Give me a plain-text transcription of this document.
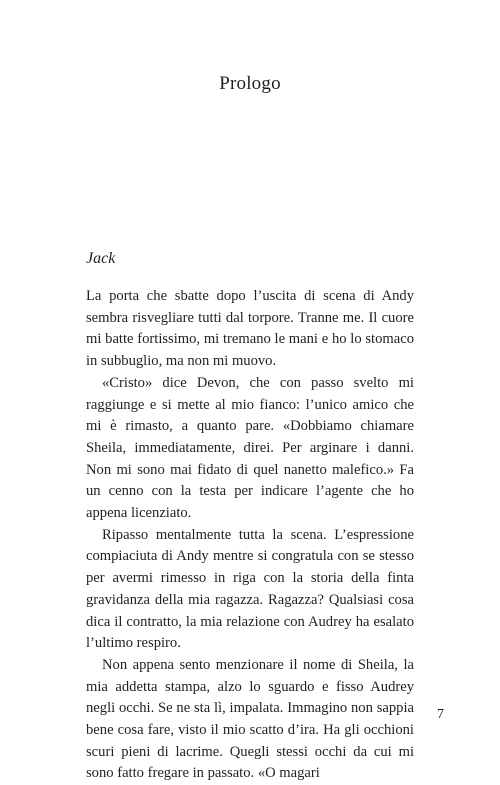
Prologo
Jack

La porta che sbatte dopo l’uscita di scena di Andy sembra risvegliare tutti dal torpore. Tranne me. Il cuore mi batte fortissimo, mi tremano le mani e ho lo stomaco in subbuglio, ma non mi muovo.

«Cristo» dice Devon, che con passo svelto mi raggiunge e si mette al mio fianco: l’unico amico che mi è rimasto, a quanto pare. «Dobbiamo chiamare Sheila, immediatamente, direi. Per arginare i danni. Non mi sono mai fidato di quel nanetto malefico.» Fa un cenno con la testa per indicare l’agente che ho appena licenziato.

Ripasso mentalmente tutta la scena. L’espressione compiaciuta di Andy mentre si congratula con se stesso per avermi rimesso in riga con la storia della finta gravidanza della mia ragazza. Ragazza? Qualsiasi cosa dica il contratto, la mia relazione con Audrey ha esalato l’ultimo respiro.

Non appena sento menzionare il nome di Sheila, la mia addetta stampa, alzo lo sguardo e fisso Audrey negli occhi. Se ne sta lì, impalata. Immagino non sappia bene cosa fare, visto il mio scatto d’ira. Ha gli occhioni scuri pieni di lacrime. Quegli stessi occhi da cui mi sono fatto fregare in passato. «O magari

7
